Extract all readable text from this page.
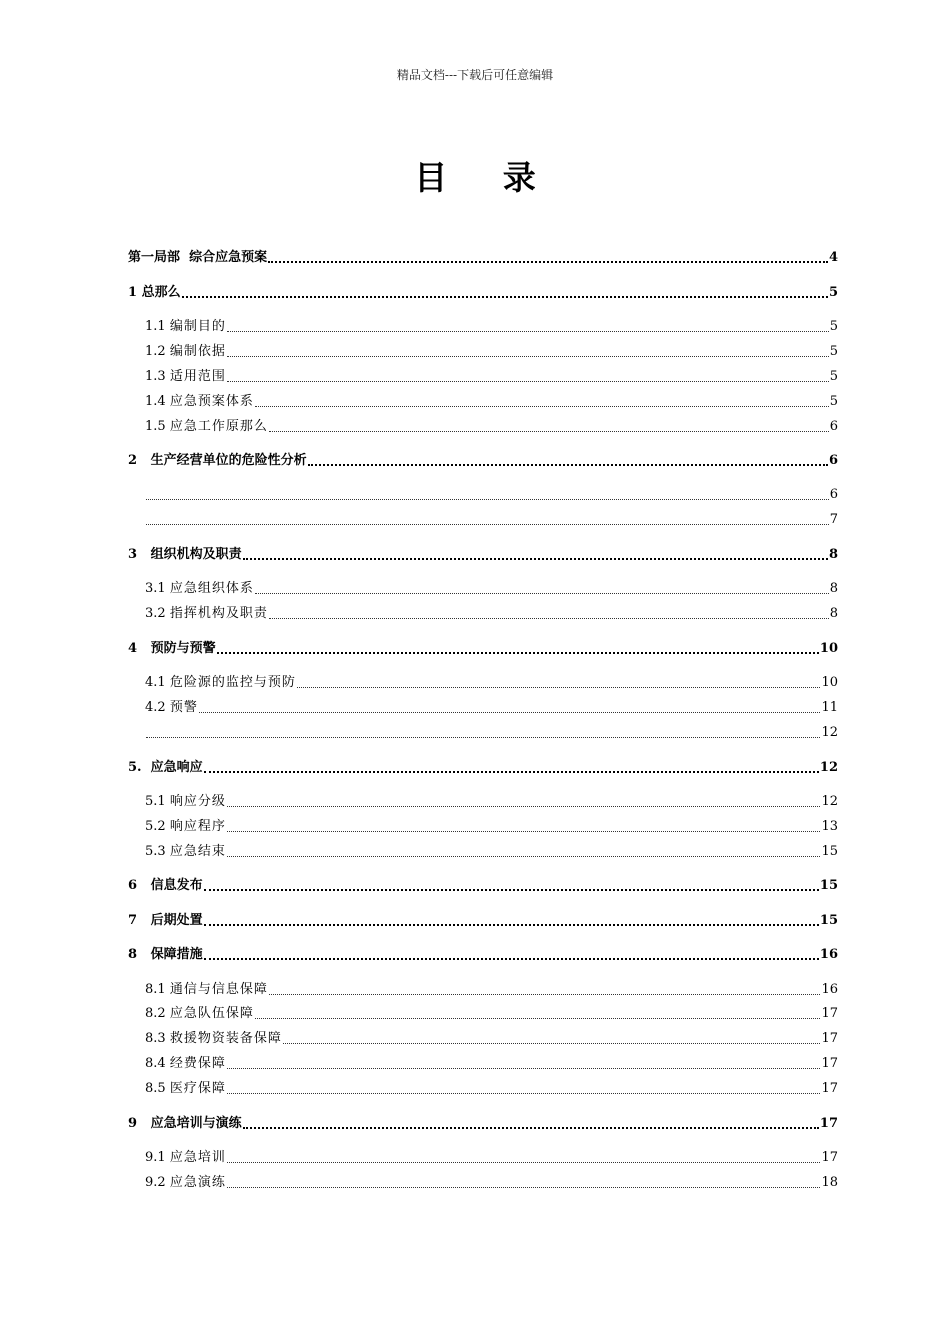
精品文档---下载后可任意编辑
目 录
第一局部 综合应急预案	4
1 总那么	5
1.1 编制目的	5
1.2 编制依据	5
1.3 适用范围	5
1.4 应急预案体系	5
1.5 应急工作原那么	6
2 生产经营单位的危险性分析	6
6
7
3 组织机构及职责	8
3.1 应急组织体系	8
3.2 指挥机构及职责	8
4 预防与预警	10
4.1 危险源的监控与预防	10
4.2 预警	11
12
5. 应急响应	12
5.1 响应分级	12
5.2 响应程序	13
5.3 应急结束	15
6 信息发布	15
7 后期处置	15
8 保障措施	16
8.1 通信与信息保障	16
8.2 应急队伍保障	17
8.3 救援物资装备保障	17
8.4 经费保障	17
8.5 医疗保障	17
9 应急培训与演练	17
9.1 应急培训	17
9.2 应急演练	18
